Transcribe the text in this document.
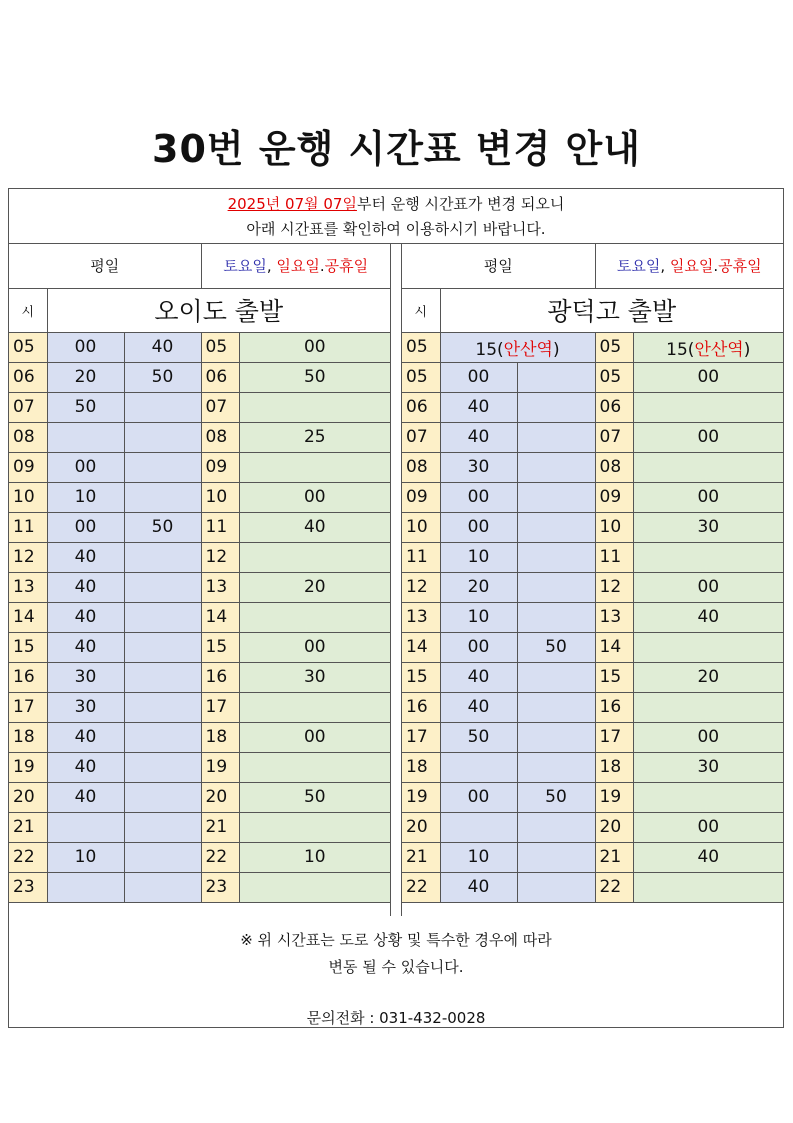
30번 운행 시간표 변경 안내
2025년 07월 07일부터 운행 시간표가 변경 되오니
아래 시간표를 확인하여 이용하시기 바랍니다.
평일			토요일, 일요일.공휴일	
시	오이도 출발			
05	00	40	05	00
06	20	50	06	50
07	50		07	
08			08	25
09	00		09	
10	10		10	00
11	00	50	11	40
12	40		12	
13	40		13	20
14	40		14	
15	40		15	00
16	30		16	30
17	30		17	
18	40		18	00
19	40		19	
20	40		20	50
21			21	
22	10		22	10
23			23	
평일			토요일, 일요일.공휴일	
시	광덕고 출발			
05	15(안산역)		05	15(안산역)
05	00		05	00
06	40		06	
07	40		07	00
08	30		08	
09	00		09	00
10	00		10	30
11	10		11	
12	20		12	00
13	10		13	40
14	00	50	14	
15	40		15	20
16	40		16	
17	50		17	00
18			18	30
19	00	50	19	
20			20	00
21	10		21	40
22	40		22	
※ 위 시간표는 도로 상황 및 특수한 경우에 따라
변동 될 수 있습니다.
문의전화 : 031-432-0028
